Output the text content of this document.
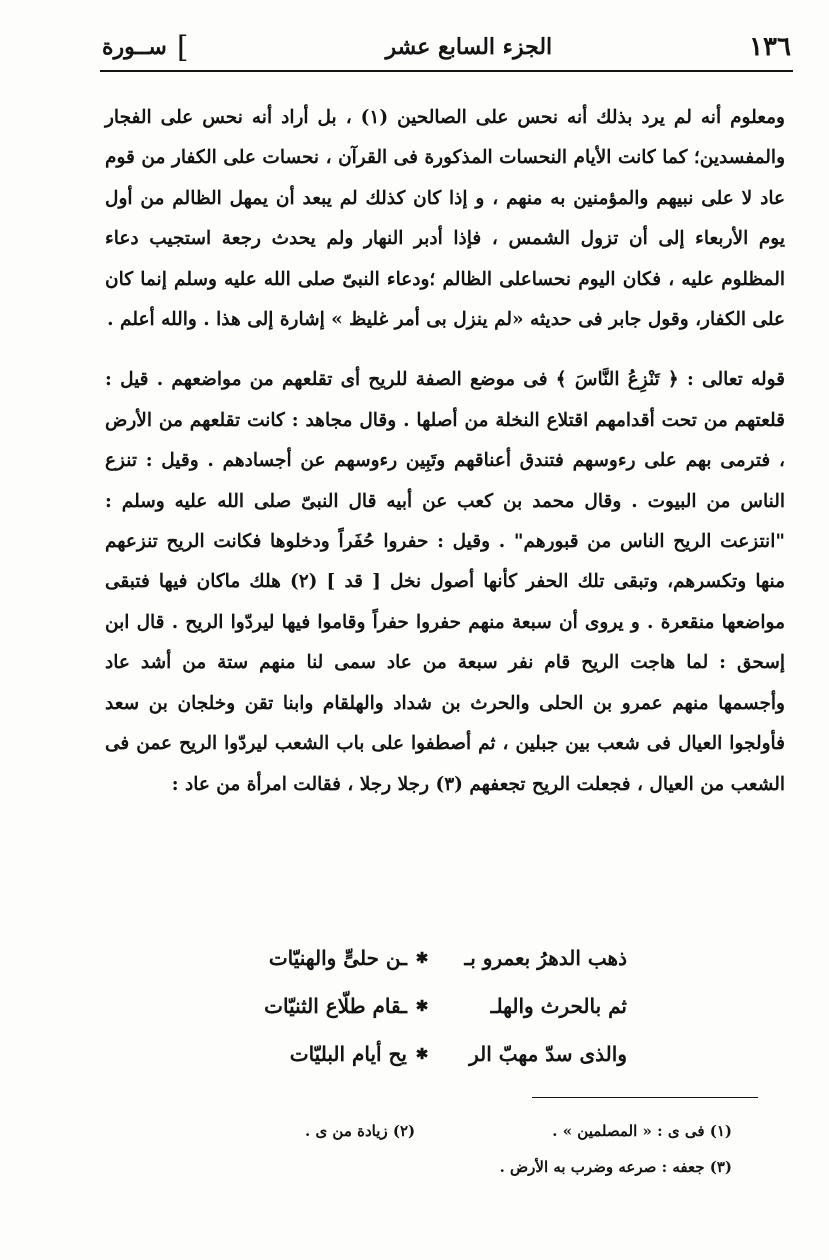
ســورة [	الجزء السابع عشر	١٣٦

ومعلوم أنه لم يرد بذلك أنه نحس على الصالحين (١) ، بل أراد أنه نحس على الفجار والمفسدين؛ كما كانت الأيام النحسات المذكورة فى القرآن ، نحسات على الكفار من قوم عاد لا على نبيهم والمؤمنين به منهم ، و إذا كان كذلك لم يبعد أن يمهل الظالم من أول يوم الأربعاء إلى أن تزول الشمس ، فإذا أدبر النهار ولم يحدث رجعة استجيب دعاء المظلوم عليه ، فكان اليوم نحساعلى الظالم ؛ودعاء النبىّ صلى الله عليه وسلم إنما كان على الكفار، وقول جابر فى حديثه «لم ينزل بى أمر غليظ » إشارة إلى هذا . والله أعلم .

قوله تعالى : ﴿ تَنْزِعُ النَّاسَ ﴾ فى موضع الصفة للريح أى تقلعهم من مواضعهم . قيل : قلعتهم من تحت أقدامهم اقتلاع النخلة من أصلها . وقال مجاهد : كانت تقلعهم من الأرض ، فترمى بهم على رءوسهم فتندق أعناقهم وتَبِين رءوسهم عن أجسادهم . وقيل : تنزع الناس من البيوت . وقال محمد بن كعب عن أبيه قال النبىّ صلى الله عليه وسلم : "انتزعت الريح الناس من قبورهم" . وقيل : حفروا حُفَراً ودخلوها فكانت الريح تنزعهم منها وتكسرهم، وتبقى تلك الحفر كأنها أصول نخل [ قد ] (٢) هلك ماكان فيها فتبقى مواضعها منقعرة . و يروى أن سبعة منهم حفروا حفراً وقاموا فيها ليردّوا الريح . قال ابن إسحق : لما هاجت الريح قام نفر سبعة من عاد سمى لنا منهم ستة من أشد عاد وأجسمها منهم عمرو بن الحلى والحرث بن شداد والهلقام وابنا تقن وخلجان بن سعد فأولجوا العيال فى شعب بين جبلين ، ثم أصطفوا على باب الشعب ليردّوا الريح عمن فى الشعب من العيال ، فجعلت الريح تجعفهم (٣) رجلا رجلا ، فقالت امرأة من عاد :

ذهب الدهرُ بعمرو بـ
✱
ـن حلىٍّ والهنيّات
ثم بالحرث والهلـ
✱
ـقام طلّاع الثنيّات
والذى سدّ مهبّ الر
✱
يح أيام البليّات
(١) فى ى : « المصلمين » .
(٢) زيادة من ى .
(٣) جعفه : صرعه وضرب به الأرض .
